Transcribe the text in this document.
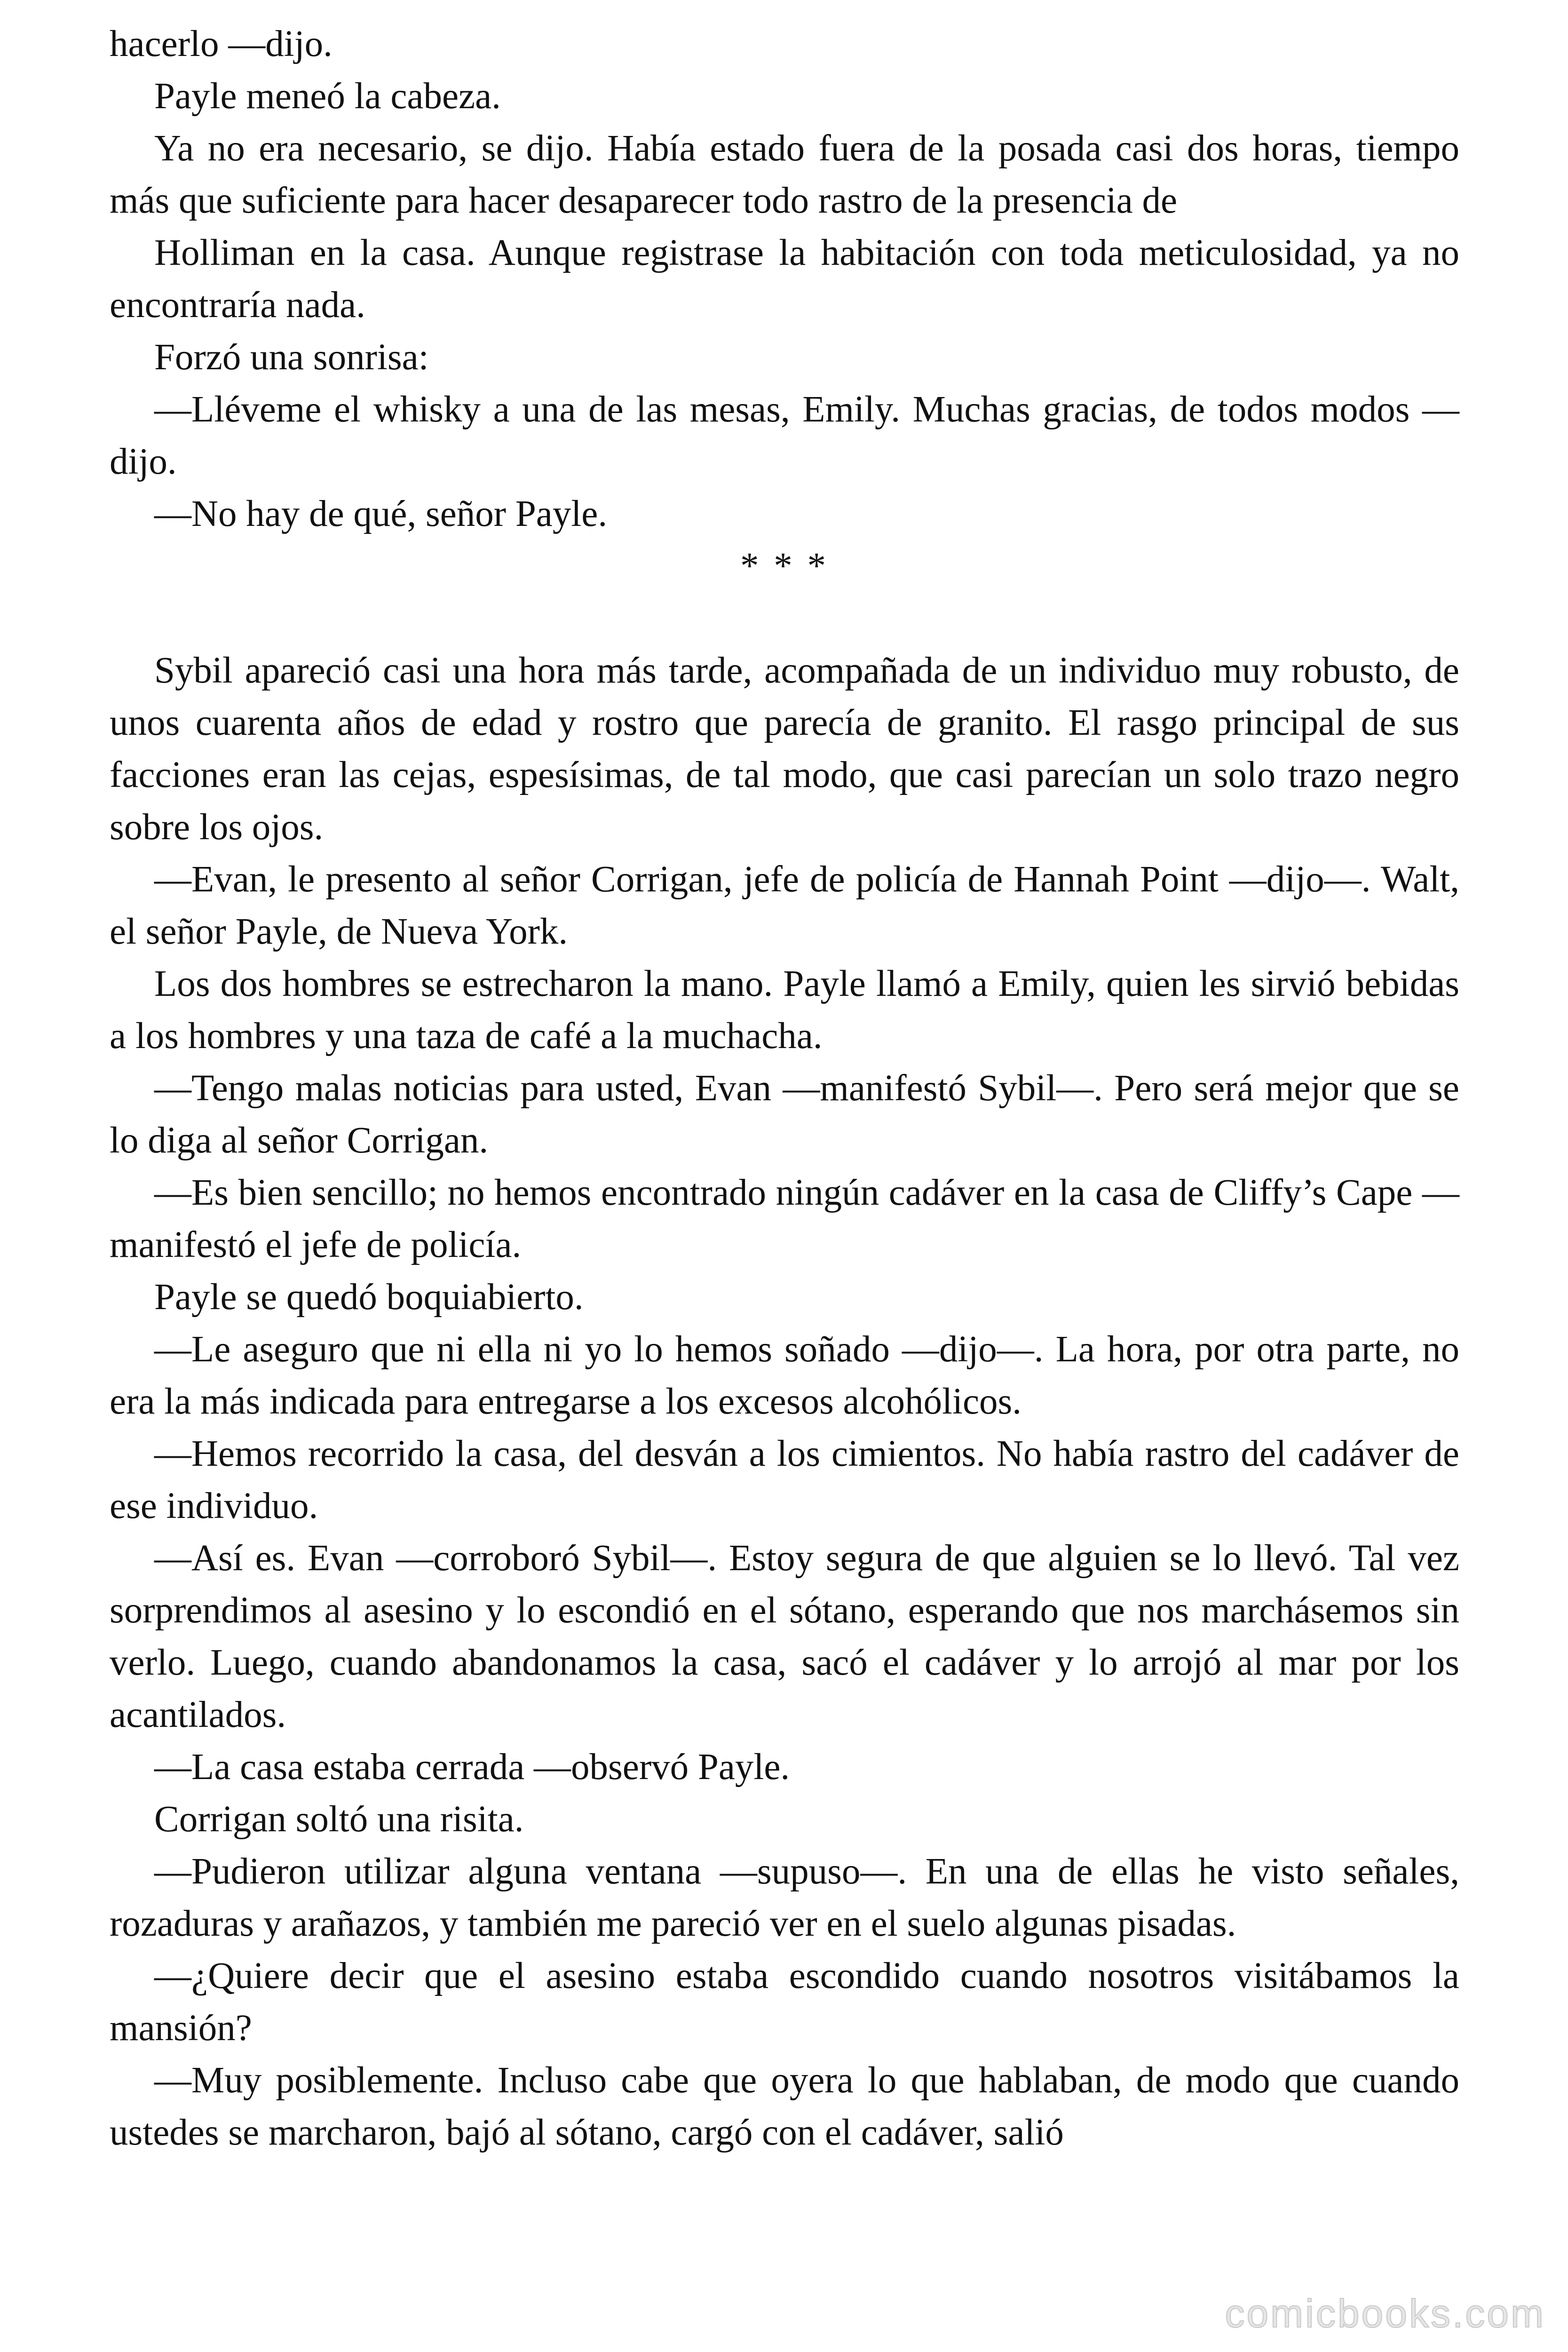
hacerlo —dijo.

Payle meneó la cabeza.

Ya no era necesario, se dijo. Había estado fuera de la posada casi dos horas, tiempo más que suficiente para hacer desaparecer todo rastro de la presencia de

Holliman en la casa. Aunque registrase la habitación con toda meticulosidad, ya no encontraría nada.

Forzó una sonrisa:

—Lléveme el whisky a una de las mesas, Emily. Muchas gracias, de todos modos —dijo.

—No hay de qué, señor Payle.

* * *

Sybil apareció casi una hora más tarde, acompañada de un individuo muy robusto, de unos cuarenta años de edad y rostro que parecía de granito. El rasgo principal de sus facciones eran las cejas, espesísimas, de tal modo, que casi parecían un solo trazo negro sobre los ojos.

—Evan, le presento al señor Corrigan, jefe de policía de Hannah Point —dijo—. Walt, el señor Payle, de Nueva York.

Los dos hombres se estrecharon la mano. Payle llamó a Emily, quien les sirvió bebidas a los hombres y una taza de café a la muchacha.

—Tengo malas noticias para usted, Evan —manifestó Sybil—. Pero será mejor que se lo diga al señor Corrigan.

—Es bien sencillo; no hemos encontrado ningún cadáver en la casa de Cliffy’s Cape —manifestó el jefe de policía.

Payle se quedó boquiabierto.

—Le aseguro que ni ella ni yo lo hemos soñado —dijo—. La hora, por otra parte, no era la más indicada para entregarse a los excesos alcohólicos.

—Hemos recorrido la casa, del desván a los cimientos. No había rastro del cadáver de ese individuo.

—Así es. Evan —corroboró Sybil—. Estoy segura de que alguien se lo llevó. Tal vez sorprendimos al asesino y lo escondió en el sótano, esperando que nos marchásemos sin verlo. Luego, cuando abandonamos la casa, sacó el cadáver y lo arrojó al mar por los acantilados.

—La casa estaba cerrada —observó Payle.

Corrigan soltó una risita.

—Pudieron utilizar alguna ventana —supuso—. En una de ellas he visto señales, rozaduras y arañazos, y también me pareció ver en el suelo algunas pisadas.

—¿Quiere decir que el asesino estaba escondido cuando nosotros visitábamos la mansión?

—Muy posiblemente. Incluso cabe que oyera lo que hablaban, de modo que cuando ustedes se marcharon, bajó al sótano, cargó con el cadáver, salió

comicbooks.com
